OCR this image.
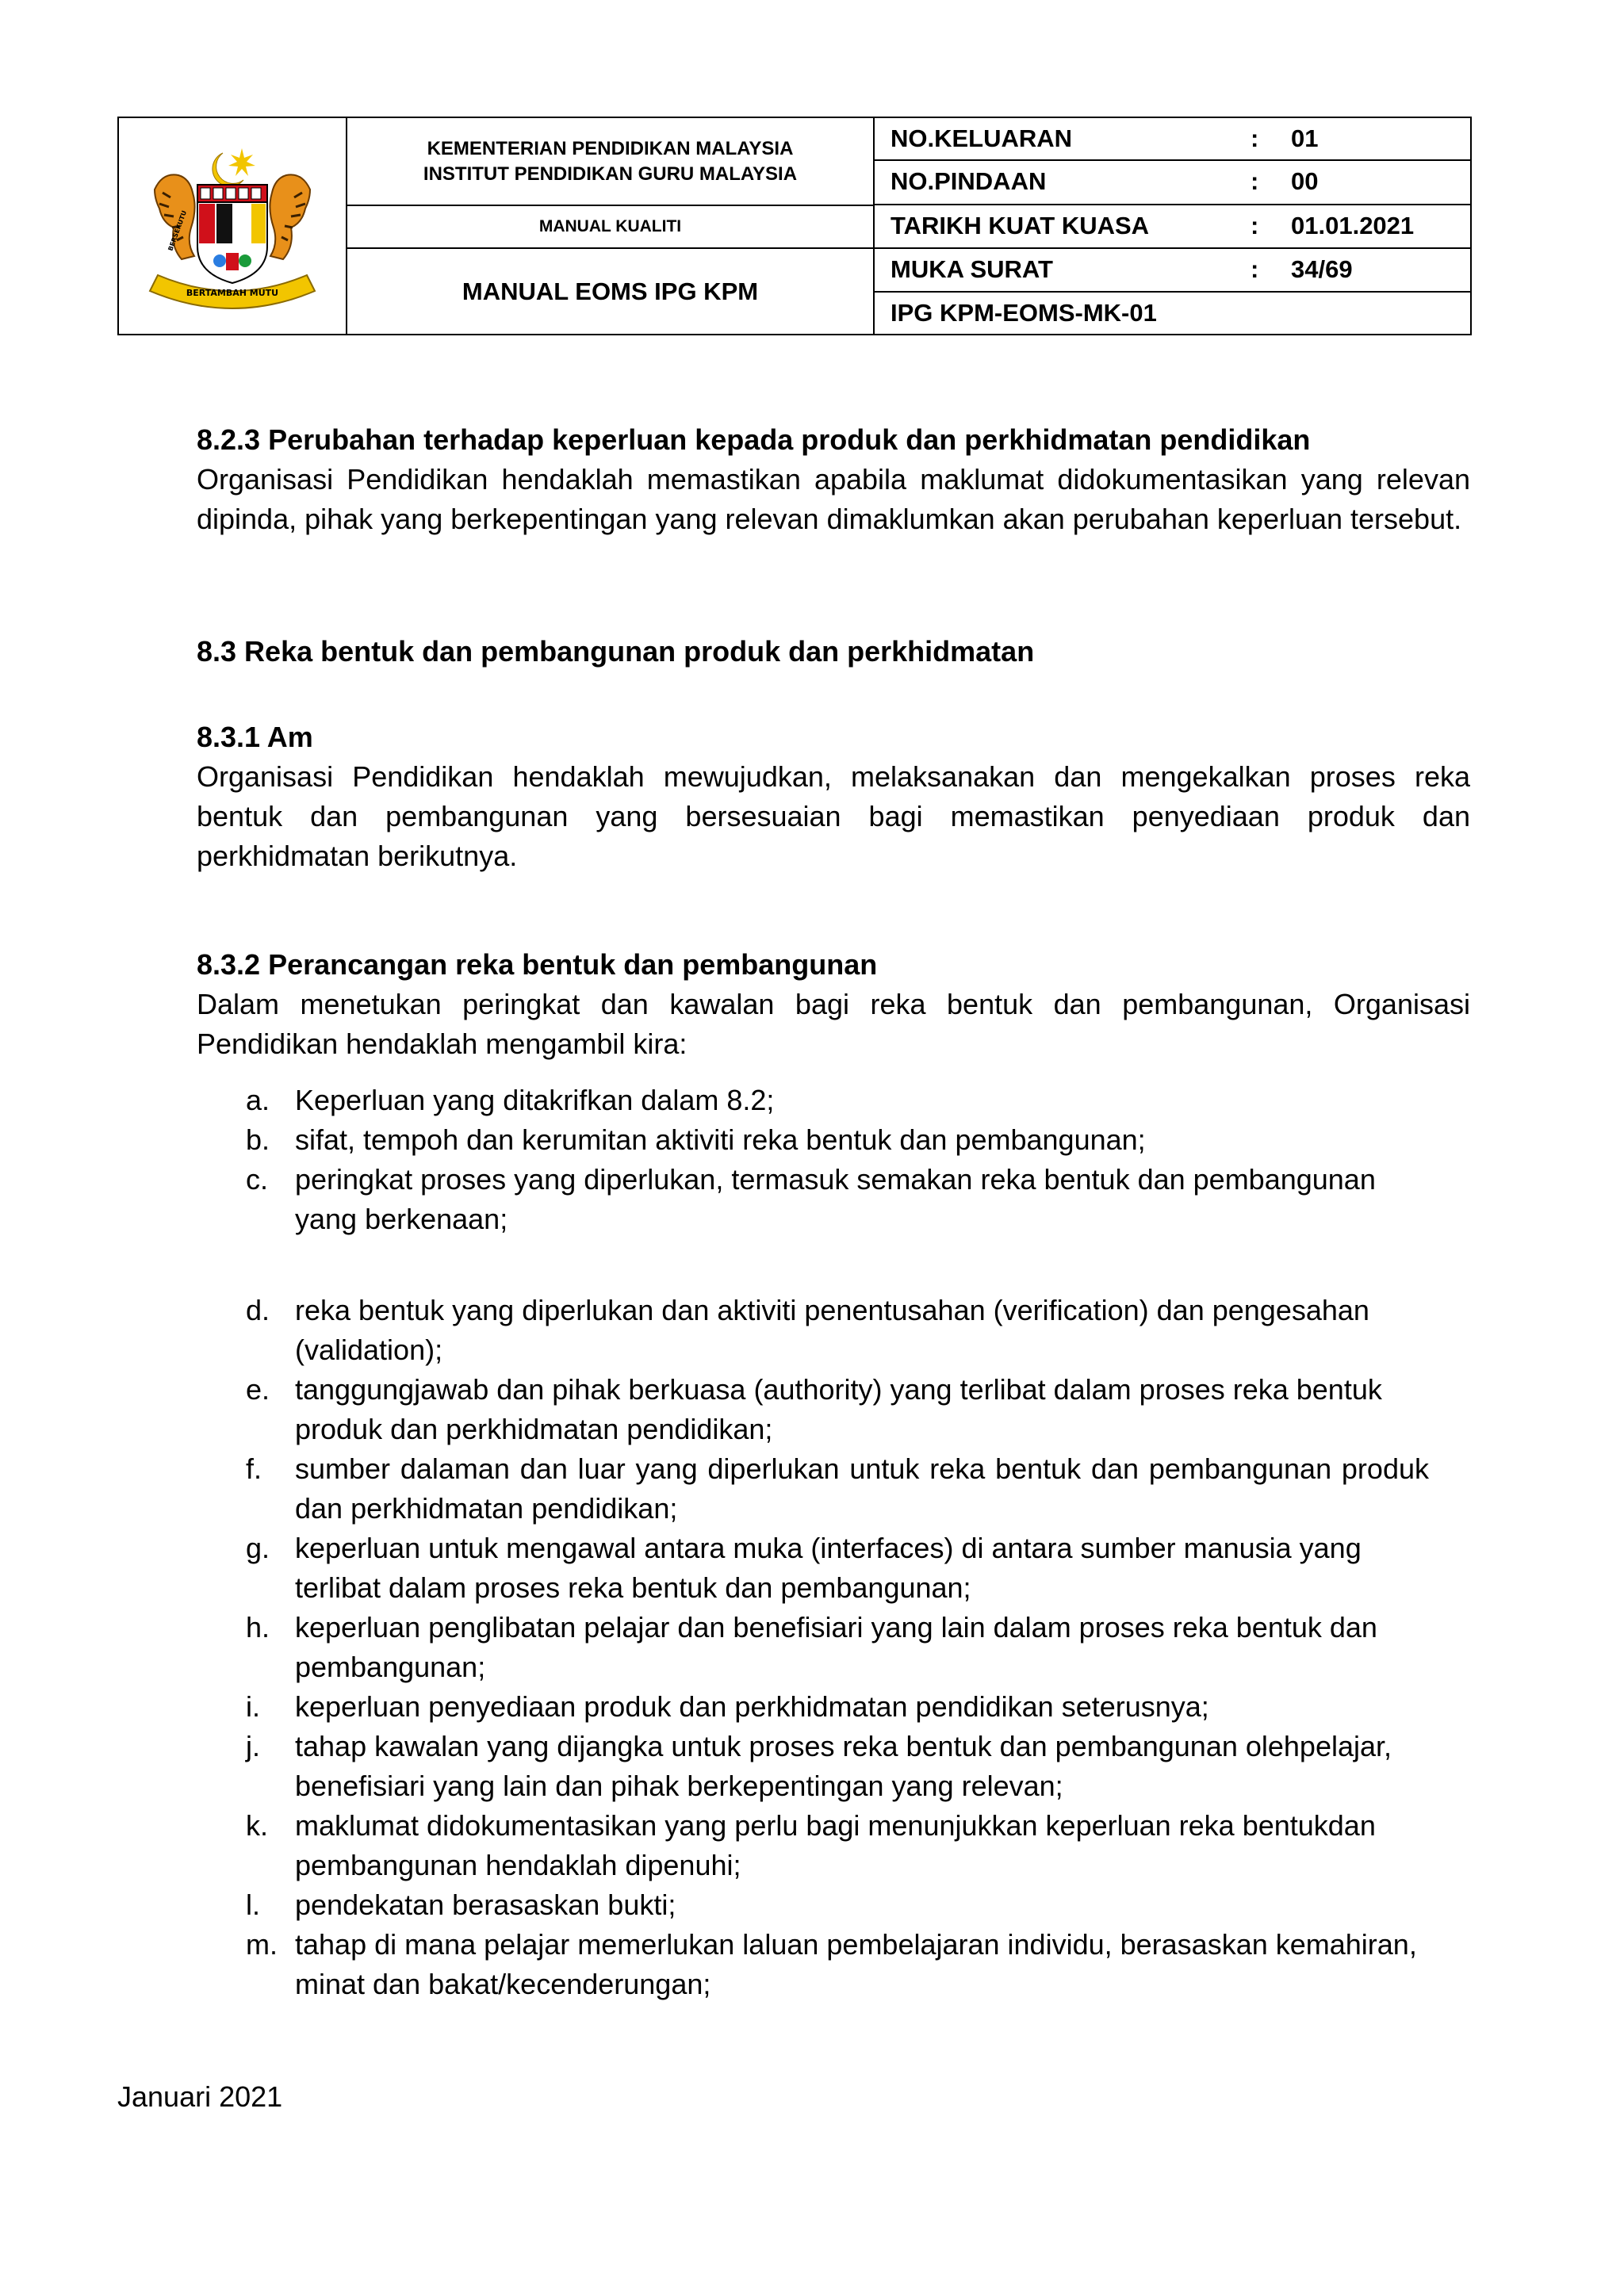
BERTAMBAH MUTU
BERSEKUTU
KEMENTERIAN PENDIDIKAN MALAYSIA
INSTITUT PENDIDIKAN GURU MALAYSIA
MANUAL KUALITI
MANUAL EOMS IPG KPM
NO.KELUARAN	: 01
NO.PINDAAN	: 00
TARIKH KUAT KUASA	: 01.01.2021
MUKA SURAT	: 34/69
IPG KPM-EOMS-MK-01
8.2.3 Perubahan terhadap keperluan kepada produk dan perkhidmatan pendidikan
Organisasi Pendidikan hendaklah memastikan apabila maklumat didokumentasikan yang relevan dipinda, pihak yang berkepentingan yang relevan dimaklumkan akan perubahan keperluan tersebut.
8.3 Reka bentuk dan pembangunan produk dan perkhidmatan
8.3.1 Am
Organisasi Pendidikan hendaklah mewujudkan, melaksanakan dan mengekalkan proses reka bentuk dan pembangunan yang bersesuaian bagi memastikan penyediaan produk dan perkhidmatan berikutnya.
8.3.2 Perancangan reka bentuk dan pembangunan
Dalam menetukan peringkat dan kawalan bagi reka bentuk dan pembangunan, Organisasi Pendidikan hendaklah mengambil kira:
a. Keperluan yang ditakrifkan dalam 8.2;
b. sifat, tempoh dan kerumitan aktiviti reka bentuk dan pembangunan;
c. peringkat proses yang diperlukan, termasuk semakan reka bentuk dan pembangunan yang berkenaan;
d. reka bentuk yang diperlukan dan aktiviti penentusahan (verification) dan pengesahan (validation);
e. tanggungjawab dan pihak berkuasa (authority) yang terlibat dalam proses reka bentuk produk dan perkhidmatan pendidikan;
f. sumber dalaman dan luar yang diperlukan untuk reka bentuk dan pembangunan produk dan perkhidmatan pendidikan;
g. keperluan untuk mengawal antara muka (interfaces) di antara sumber manusia yang terlibat dalam proses reka bentuk dan pembangunan;
h. keperluan penglibatan pelajar dan benefisiari yang lain dalam proses reka bentuk dan pembangunan;
i. keperluan penyediaan produk dan perkhidmatan pendidikan seterusnya;
j. tahap kawalan yang dijangka untuk proses reka bentuk dan pembangunan olehpelajar, benefisiari yang lain dan pihak berkepentingan yang relevan;
k. maklumat didokumentasikan yang perlu bagi menunjukkan keperluan reka bentukdan pembangunan hendaklah dipenuhi;
l. pendekatan berasaskan bukti;
m. tahap di mana pelajar memerlukan laluan pembelajaran individu, berasaskan kemahiran, minat dan bakat/kecenderungan;
Januari 2021
